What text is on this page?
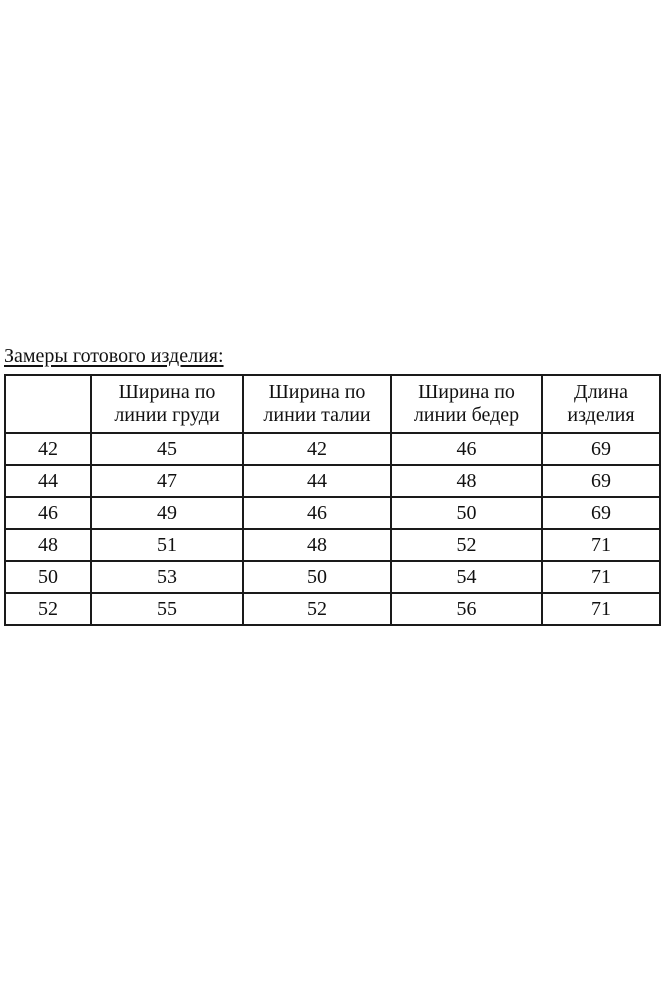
Замеры готового изделия:
	Ширина по линии груди	Ширина по линии талии	Ширина по линии бедер	Длина изделия
42	45	42	46	69
44	47	44	48	69
46	49	46	50	69
48	51	48	52	71
50	53	50	54	71
52	55	52	56	71
